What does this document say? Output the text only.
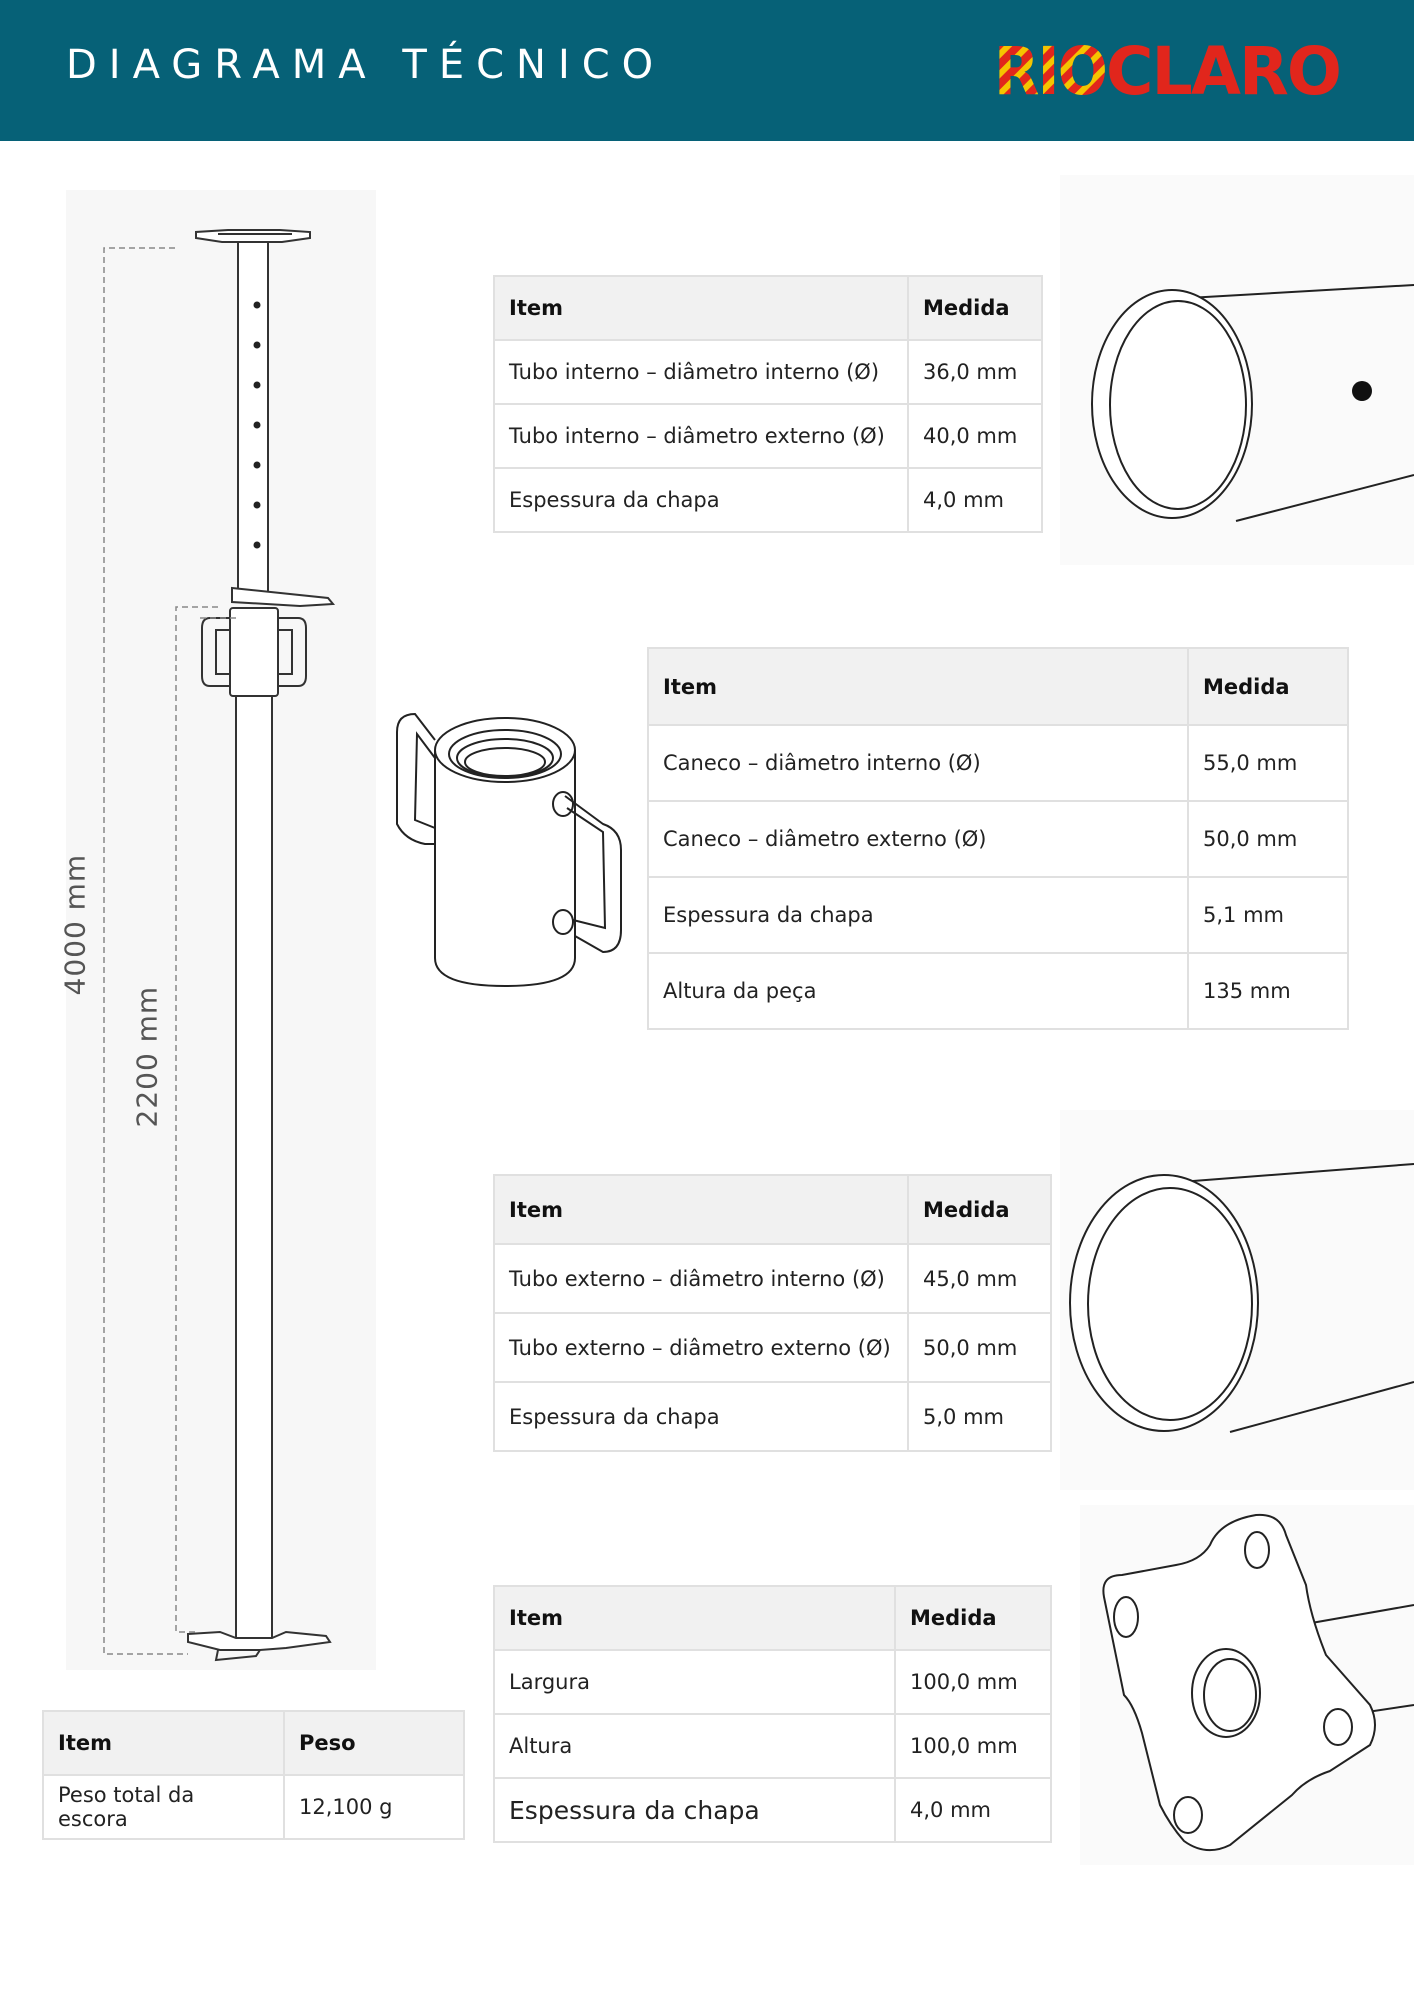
DIAGRAMA TÉCNICO	RIO CLARO
4000 mm
2200 mm
Item	Medida
Tubo interno – diâmetro interno (Ø)	36,0 mm
Tubo interno – diâmetro externo (Ø)	40,0 mm
Espessura da chapa	4,0 mm
Item	Medida
Caneco – diâmetro interno (Ø)	55,0 mm
Caneco – diâmetro externo (Ø)	50,0 mm
Espessura da chapa	5,1 mm
Altura da peça	135 mm
Item	Medida
Tubo externo – diâmetro interno (Ø)	45,0 mm
Tubo externo – diâmetro externo (Ø)	50,0 mm
Espessura da chapa	5,0 mm
Item	Medida
Largura	100,0 mm
Altura	100,0 mm
Espessura da chapa	4,0 mm
Item	Peso
Peso total da escora	12,100 g
